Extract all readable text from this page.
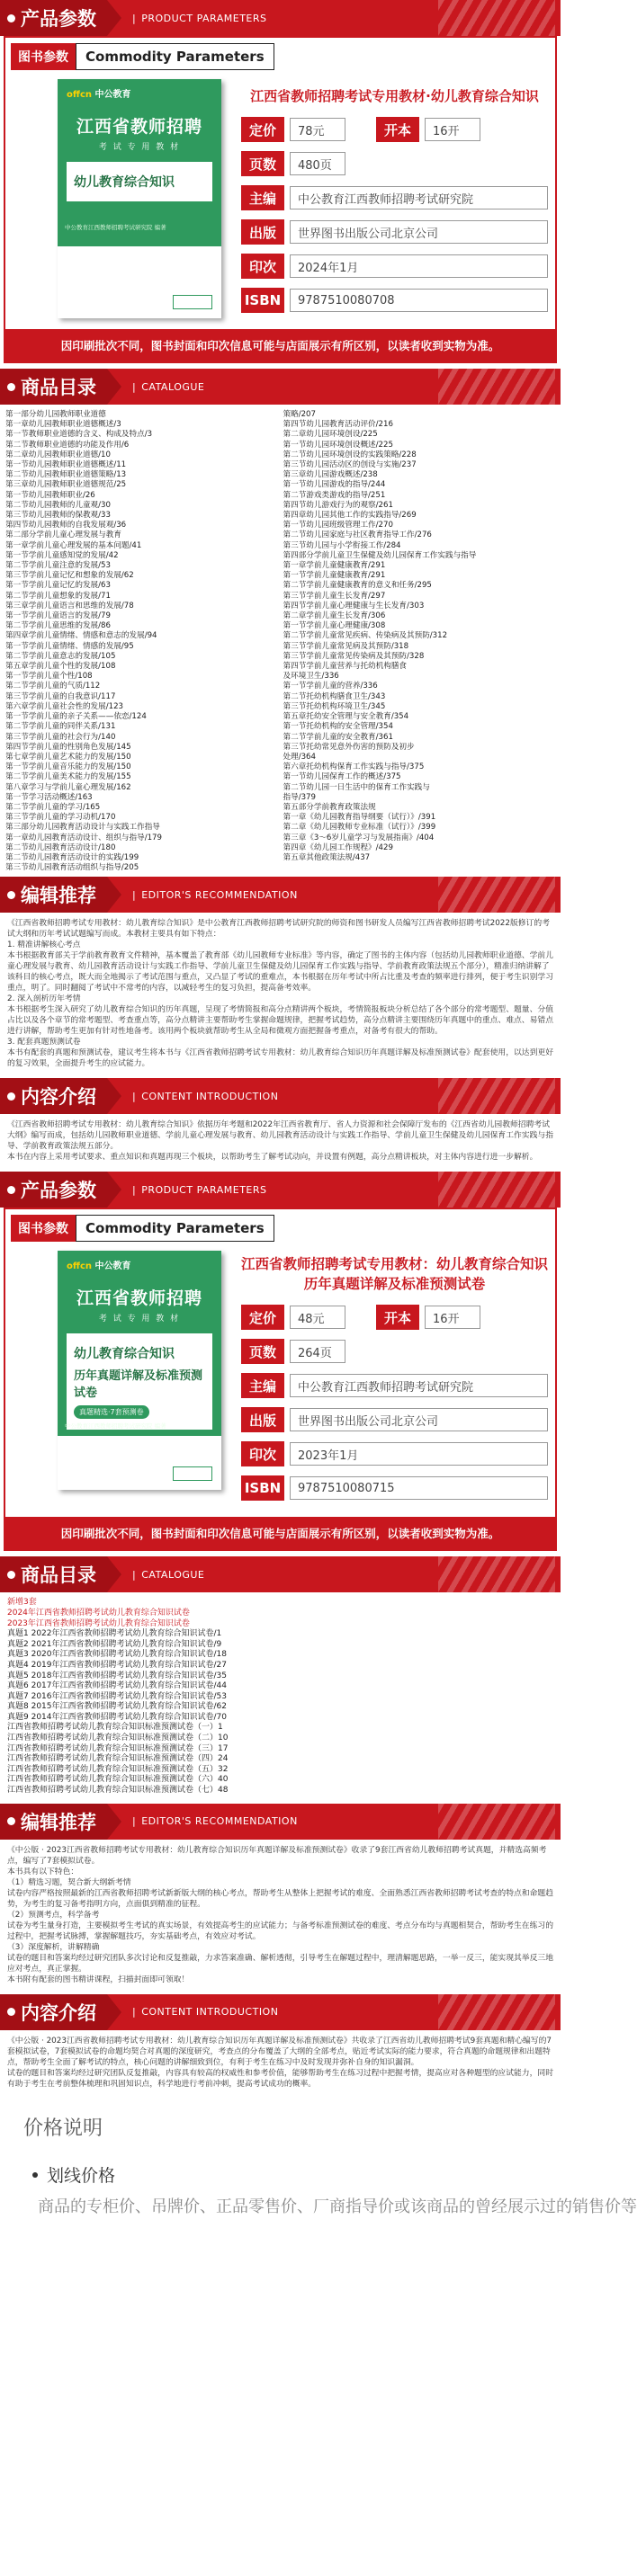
产品参数	| PRODUCT PARAMETERS
图书参数	Commodity Parameters
offcn 中公教育
江西省教师招聘
考 试 专 用 教 材
幼儿教育综合知识
中公教育江西教师招聘考试研究院 编著
江西省教师招聘考试专用教材·幼儿教育综合知识
定价	78元	开本	16开
页数	480页
主编	中公教育江西教师招聘考试研究院
出版	世界图书出版公司北京公司
印次	2024年1月
ISBN	9787510080708
因印刷批次不同，图书封面和印次信息可能与店面展示有所区别，以读者收到实物为准。
商品目录	| CATALOGUE
第一部分幼儿园教师职业道德
第一章幼儿园教师职业道德概述/3
第一节教师职业道德的含义、构成及特点/3
第二节教师职业道德的功能及作用/6
第二章幼儿园教师职业道德/10
第一节幼儿园教师职业道德概述/11
第二节幼儿园教师职业道德策略/13
第三章幼儿园教师职业道德规范/25
第一节幼儿园教师职业/26
第二节幼儿园教师的儿童观/30
第三节幼儿园教师的保教观/33
第四节幼儿园教师的自我发展观/36
第二部分学前儿童心理发展与教育
第一章学前儿童心理发展的基本问题/41
第一节学前儿童感知觉的发展/42
第二节学前儿童注意的发展/53
第三节学前儿童记忆和想象的发展/62
第一节学前儿童记忆的发展/63
第二节学前儿童想象的发展/71
第三章学前儿童语言和思维的发展/78
第一节学前儿童语言的发展/79
第二节学前儿童思维的发展/86
第四章学前儿童情绪、情感和意志的发展/94
第一节学前儿童情绪、情感的发展/95
第二节学前儿童意志的发展/105
第五章学前儿童个性的发展/108
第一节学前儿童个性/108
第二节学前儿童的气质/112
第三节学前儿童的自我意识/117
第六章学前儿童社会性的发展/123
第一节学前儿童的亲子关系——依恋/124
第二节学前儿童的同伴关系/131
第三节学前儿童的社会行为/140
第四节学前儿童的性别角色发展/145
第七章学前儿童艺术能力的发展/150
第一节学前儿童音乐能力的发展/150
第二节学前儿童美术能力的发展/155
第八章学习与学前儿童心理发展/162
第一节学习活动概述/163
第二节学前儿童的学习/165
第三节学前儿童的学习动机/170
第三部分幼儿园教育活动设计与实践工作指导
第一章幼儿园教育活动设计、组织与指导/179
第二节幼儿园教育活动设计/180
第二节幼儿园教育活动设计的实践/199
第三节幼儿园教育活动组织与指导/205
策略/207
第四节幼儿园教育活动评价/216
第二章幼儿园环境创设/225
第一节幼儿园环境创设概述/225
第二节幼儿园环境创设的实践策略/228
第三节幼儿园活动区的创设与实施/237
第三章幼儿园游戏概述/238
第一节幼儿园游戏的指导/244
第二节游戏类游戏的指导/251
第四节幼儿游戏行为的观察/261
第四章幼儿园其他工作的实践指导/269
第一节幼儿园班级管理工作/270
第二节幼儿园家庭与社区教育指导工作/276
第三节幼儿园与小学衔接工作/284
第四部分学前儿童卫生保健及幼儿园保育工作实践与指导
第一章学前儿童健康教育/291
第一节学前儿童健康教育/291
第二节学前儿童健康教育的意义和任务/295
第三节学前儿童生长发育/297
第四节学前儿童心理健康与生长发育/303
第二章学前儿童生长发育/306
第一节学前儿童心理健康/308
第二节学前儿童常见疾病、传染病及其预防/312
第三节学前儿童常见病及其预防/318
第三节学前儿童常见传染病及其预防/328
第四节学前儿童营养与托幼机构膳食
及环境卫生/336
第一节学前儿童的营养/336
第二节托幼机构膳食卫生/343
第三节托幼机构环境卫生/345
第五章托幼安全管理与安全教育/354
第一节托幼机构的安全管理/354
第二节学前儿童的安全教育/361
第三节托幼常见意外伤害的预防及初步
处理/364
第六章托幼机构保育工作实践与指导/375
第一节幼儿园保育工作的概述/375
第二节幼儿园一日生活中的保育工作实践与
指导/379
第五部分学前教育政策法规
第一章《幼儿园教育指导纲要（试行）》/391
第二章《幼儿园教师专业标准（试行）》/399
第三章《3～6岁儿童学习与发展指南》/404
第四章《幼儿园工作规程》/429
第五章其他政策法规/437
编辑推荐	| EDITOR'S RECOMMENDATION
《江西省教师招聘考试专用教材：幼儿教育综合知识》是中公教育江西教师招聘考试研究院的师资和图书研发人员编写江西省教师招聘考试2022版修订的考试大纲和历年考试试题编写而成。本教材主要具有如下特点：
1. 精准讲解核心考点
本书根据教育部关于学前教育教育文件精神，基本覆盖了教育部《幼儿园教师专业标准》等内容，确定了图书的主体内容（包括幼儿园教师职业道德、学前儿童心理发展与教育、幼儿园教育活动设计与实践工作指导、学前儿童卫生保健及幼儿园保育工作实践与指导、学前教育政策法规五个部分），精准归纳讲解了该科目的核心考点，既大而全地揭示了考试范围与重点，又凸显了考试的重难点，本书根据在历年考试中所占比重及考查的频率进行排列，便于考生识别学习重点，明了。同时翻阅了考试中不常考的内容，以减轻考生的复习负担，提高备考效率。
2. 深入剖析历年考情
本书根据考生深入研究了幼儿教育综合知识的历年真题，呈现了考情简报和高分点精讲两个板块，考情简报板块分析总结了各个部分的常考题型、题量、分值占比以及各个章节的常考题型、考查重点等，高分点精讲主要帮助考生掌握命题规律，把握考试趋势，高分点精讲主要围绕历年真题中的重点、难点、易错点进行讲解，帮助考生更加有针对性地备考。该用两个板块就帮助考生从全局和微观方面把握备考重点，对备考有很大的帮助。
3. 配套真题预测试卷
本书有配套的真题和预测试卷，建议考生将本书与《江西省教师招聘考试专用教材：幼儿教育综合知识历年真题详解及标准预测试卷》配套使用，以达到更好的复习效果，全面提升考生的应试能力。
内容介绍	| CONTENT INTRODUCTION
《江西省教师招聘考试专用教材：幼儿教育综合知识》依据历年考题和2022年江西省教育厅、省人力资源和社会保障厅发布的《江西省幼儿园教师招聘考试大纲》编写而成，包括幼儿园教师职业道德、学前儿童心理发展与教育、幼儿园教育活动设计与实践工作指导、学前儿童卫生保健及幼儿园保育工作实践与指导、学前教育政策法规五部分。
本书在内容上采用考试要求、重点知识和真题再现三个板块，以帮助考生了解考试动向，并设置有例题，高分点精讲板块，对主体内容进行进一步解析。
产品参数	| PRODUCT PARAMETERS
图书参数	Commodity Parameters
offcn 中公教育
江西省教师招聘
考 试 专 用 教 材
幼儿教育综合知识
历年真题详解及标准预测试卷
真题精选·7套预测卷
中公教育江西教师招聘考试研究院 编著
江西省教师招聘考试专用教材：幼儿教育综合知识历年真题详解及标准预测试卷
定价	48元	开本	16开
页数	264页
主编	中公教育江西教师招聘考试研究院
出版	世界图书出版公司北京公司
印次	2023年1月
ISBN	9787510080715
因印刷批次不同，图书封面和印次信息可能与店面展示有所区别，以读者收到实物为准。
商品目录	| CATALOGUE
新增3套
2024年江西省教师招聘考试幼儿教育综合知识试卷
2023年江西省教师招聘考试幼儿教育综合知识试卷
真题1 2022年江西省教师招聘考试幼儿教育综合知识试卷/1
真题2 2021年江西省教师招聘考试幼儿教育综合知识试卷/9
真题3 2020年江西省教师招聘考试幼儿教育综合知识试卷/18
真题4 2019年江西省教师招聘考试幼儿教育综合知识试卷/27
真题5 2018年江西省教师招聘考试幼儿教育综合知识试卷/35
真题6 2017年江西省教师招聘考试幼儿教育综合知识试卷/44
真题7 2016年江西省教师招聘考试幼儿教育综合知识试卷/53
真题8 2015年江西省教师招聘考试幼儿教育综合知识试卷/62
真题9 2014年江西省教师招聘考试幼儿教育综合知识试卷/70
江西省教师招聘考试幼儿教育综合知识标准预测试卷（一）1
江西省教师招聘考试幼儿教育综合知识标准预测试卷（二）10
江西省教师招聘考试幼儿教育综合知识标准预测试卷（三）17
江西省教师招聘考试幼儿教育综合知识标准预测试卷（四）24
江西省教师招聘考试幼儿教育综合知识标准预测试卷（五）32
江西省教师招聘考试幼儿教育综合知识标准预测试卷（六）40
江西省教师招聘考试幼儿教育综合知识标准预测试卷（七）48
编辑推荐	| EDITOR'S RECOMMENDATION
《中公版 · 2023江西省教师招聘考试专用教材：幼儿教育综合知识历年真题详解及标准预测试卷》收录了9套江西省幼儿教师招聘考试真题，并精选高频考点，编写了7套模拟试卷。
本书具有以下特色：
（1）精选习题，契合新大纲新考情
试卷内容严格按照最新的江西省教师招聘考试新新版大纲的核心考点，帮助考生从整体上把握考试的难度、全面熟悉江西省教师招聘考试考查的特点和命题趋势，为考生的复习备考指明方向，点面俱到精准的征程。
（2）预测考点，科学备考
试卷为考生量身打造，主要模拟考生考试的真实场景，有效提高考生的应试能力；与备考标准预测试卷的难度、考点分布均与真题相契合，帮助考生在练习的过程中，把握考试脉搏，掌握解题技巧，夯实基础考点，有效应对考试。
（3）深度解析，讲解精确
试卷的题目和答案均经过研究团队多次讨论和反复推敲，力求答案准确、解析透彻，引导考生在解题过程中，理清解题思路，一举一反三，能实现其举反三地应对考点，真正掌握。
本书附有配套的图书精讲课程，扫描封面即可领取！
内容介绍	| CONTENT INTRODUCTION
《中公版 · 2023江西省教师招聘考试专用教材：幼儿教育综合知识历年真题详解及标准预测试卷》共收录了江西省幼儿教师招聘考试9套真题和精心编写的7套模拟试卷，7套模拟试卷的命题均契合对真题的深度研究，考查点的分布覆盖了大纲的全部考点，贴近考试实际的能力要求，符合真题的命题规律和出题特点，帮助考生全面了解考试的特点，核心问题的讲解细致到位，有利于考生在练习中及时发现并弥补自身的知识漏洞。
试卷的题目和答案均经过研究团队反复推敲，内容具有较高的权威性和参考价值，能够帮助考生在练习过程中把握考情，提高应对各种题型的应试能力，同时有助于考生在考前整体梳理和巩固知识点，科学地进行考前冲刺，提高考试成功的概率。
价格说明
划线价格
商品的专柜价、吊牌价、正品零售价、厂商指导价或该商品的曾经展示过的销售价等
